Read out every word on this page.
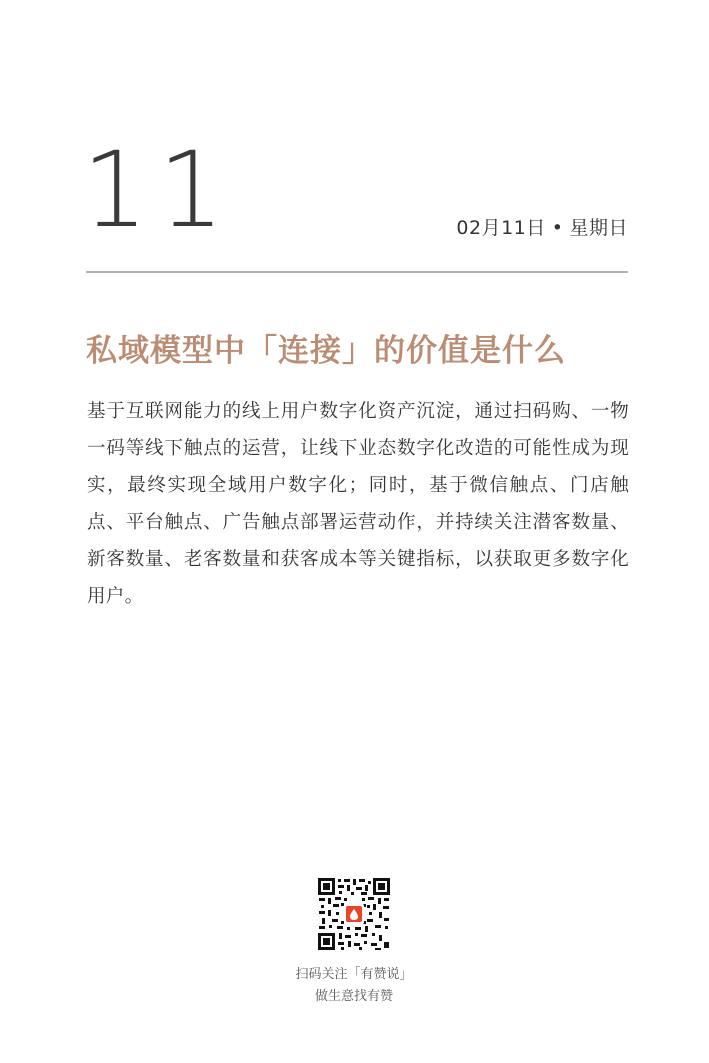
11	02月11日 • 星期日
私域模型中「连接」的价值是什么
基于互联网能力的线上用户数字化资产沉淀，通过扫码购、一物一码等线下触点的运营，让线下业态数字化改造的可能性成为现实，最终实现全域用户数字化；同时，基于微信触点、门店触点、平台触点、广告触点部署运营动作，并持续关注潜客数量、新客数量、老客数量和获客成本等关键指标，以获取更多数字化用户。
扫码关注「有赞说」
做生意找有赞
